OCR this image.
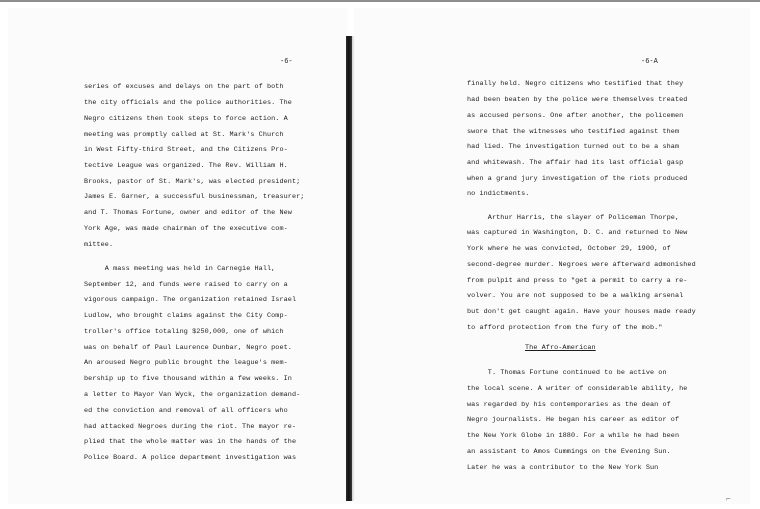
-6-	-6-A

series of excuses and delays on the part of both

the city officials and the police authorities. The

Negro citizens then took steps to force action. A

meeting was promptly called at St. Mark's Church

in West Fifty-third Street, and the Citizens Pro-

tective League was organized. The Rev. William H.

Brooks, pastor of St. Mark's, was elected president;

James E. Garner, a successful businessman, treasurer;

and T. Thomas Fortune, owner and editor of the New

York Age, was made chairman of the executive com-

mittee.

A mass meeting was held in Carnegie Hall,

September 12, and funds were raised to carry on a

vigorous campaign. The organization retained Israel

Ludlow, who brought claims against the City Comp-

troller's office totaling $250,000, one of which

was on behalf of Paul Laurence Dunbar, Negro poet.

An aroused Negro public brought the league's mem-

bership up to five thousand within a few weeks. In

a letter to Mayor Van Wyck, the organization demand-

ed the conviction and removal of all officers who

had attacked Negroes during the riot. The mayor re-

plied that the whole matter was in the hands of the

Police Board. A police department investigation was

finally held. Negro citizens who testified that they

had been beaten by the police were themselves treated

as accused persons. One after another, the policemen

swore that the witnesses who testified against them

had lied. The investigation turned out to be a sham

and whitewash. The affair had its last official gasp

when a grand jury investigation of the riots produced

no indictments.

Arthur Harris, the slayer of Policeman Thorpe,

was captured in Washington, D. C. and returned to New

York where he was convicted, October 29, 1900, of

second-degree murder. Negroes were afterward admonished

from pulpit and press to "get a permit to carry a re-

volver. You are not supposed to be a walking arsenal

but don't get caught again. Have your houses made ready

to afford protection from the fury of the mob."

The Afro-American

T. Thomas Fortune continued to be active on

the local scene. A writer of considerable ability, he

was regarded by his contemporaries as the dean of

Negro journalists. He began his career as editor of

the New York Globe in 1880. For a while he had been

an assistant to Amos Cummings on the Evening Sun.

Later he was a contributor to the New York Sun

⌐
